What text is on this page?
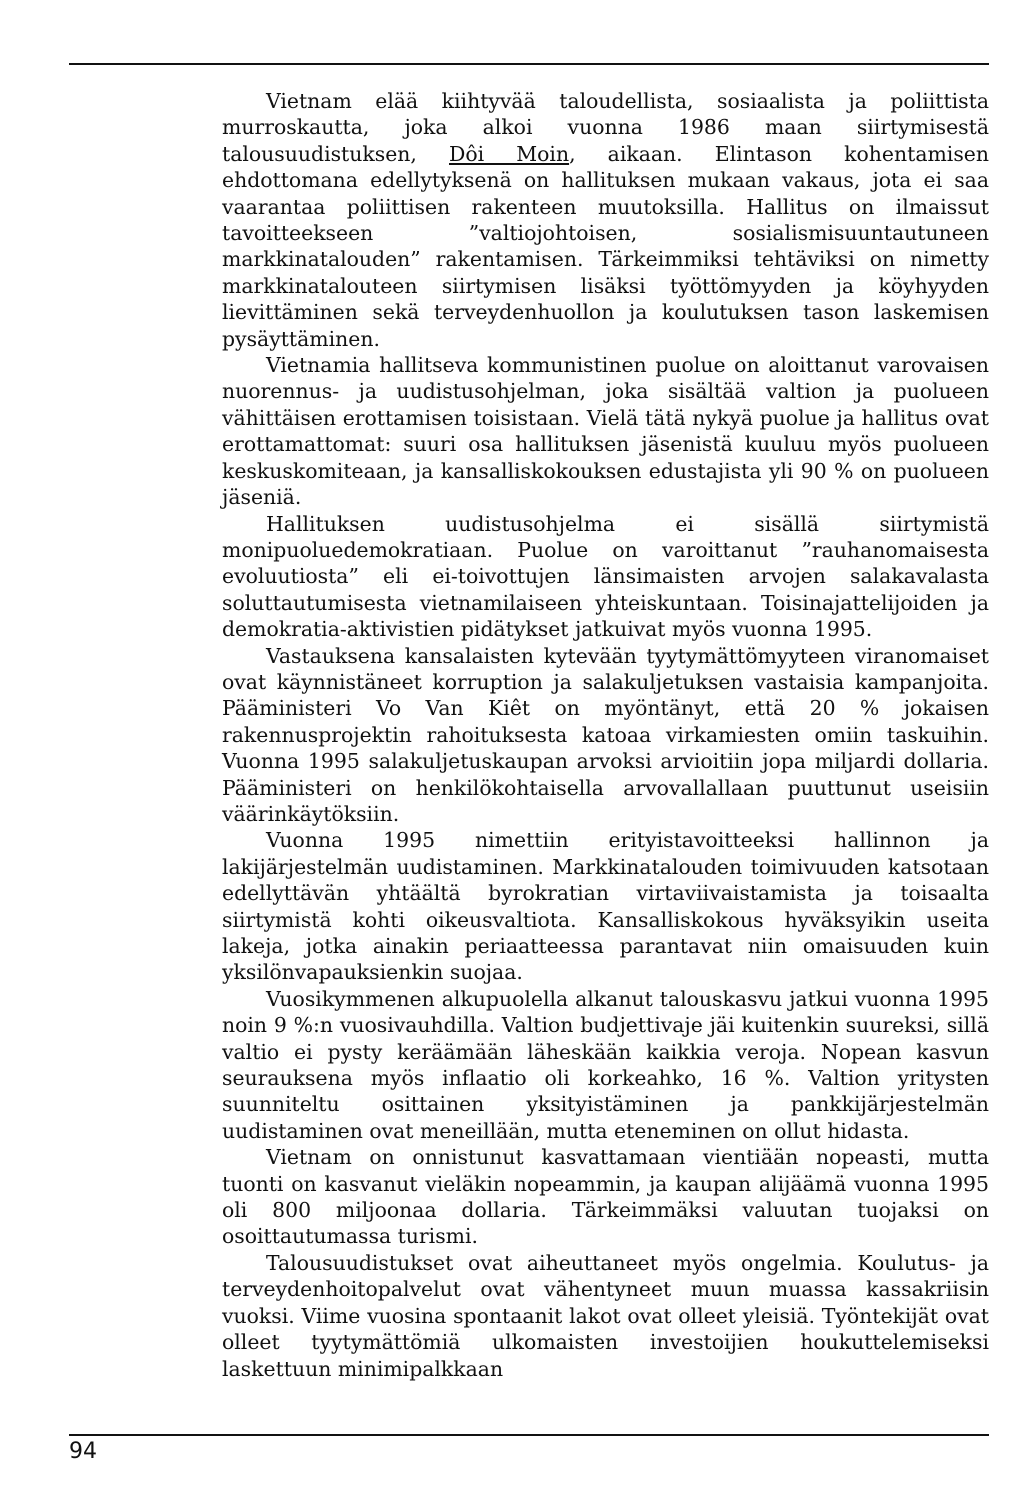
Vietnam elää kiihtyvää taloudellista, sosiaalista ja poliittista murroskautta, joka alkoi vuonna 1986 maan siirtymisestä talousuudistuksen, Dôi Moin, aikaan. Elintason kohentamisen ehdottomana edellytyksenä on hallituksen mukaan vakaus, jota ei saa vaarantaa poliittisen rakenteen muutoksilla. Hallitus on ilmaissut tavoitteekseen ”valtiojohtoisen, sosialismisuuntautuneen markkinatalouden” rakentamisen. Tärkeimmiksi tehtäviksi on nimetty markkinatalouteen siirtymisen lisäksi työttömyyden ja köyhyyden lievittäminen sekä terveydenhuollon ja koulutuksen tason laskemisen pysäyttäminen.

Vietnamia hallitseva kommunistinen puolue on aloittanut varovaisen nuorennus- ja uudistusohjelman, joka sisältää valtion ja puolueen vähittäisen erottamisen toisistaan. Vielä tätä nykyä puolue ja hallitus ovat erottamattomat: suuri osa hallituksen jäsenistä kuuluu myös puolueen keskuskomiteaan, ja kansalliskokouksen edustajista yli 90 % on puolueen jäseniä.

Hallituksen uudistusohjelma ei sisällä siirtymistä monipuoluedemokratiaan. Puolue on varoittanut ”rauhanomaisesta evoluutiosta” eli ei-toivottujen länsimaisten arvojen salakavalasta soluttautumisesta vietnamilaiseen yhteiskuntaan. Toisinajattelijoiden ja demokratia-aktivistien pidätykset jatkuivat myös vuonna 1995.

Vastauksena kansalaisten kytevään tyytymättömyyteen viranomaiset ovat käynnistäneet korruption ja salakuljetuksen vastaisia kampanjoita. Pääministeri Vo Van Kiêt on myöntänyt, että 20 % jokaisen rakennusprojektin rahoituksesta katoaa virkamiesten omiin taskuihin. Vuonna 1995 salakuljetuskaupan arvoksi arvioitiin jopa miljardi dollaria. Pääministeri on henkilökohtaisella arvovallallaan puuttunut useisiin väärinkäytöksiin.

Vuonna 1995 nimettiin erityistavoitteeksi hallinnon ja lakijärjestelmän uudistaminen. Markkinatalouden toimivuuden katsotaan edellyttävän yhtäältä byrokratian virtaviivaistamista ja toisaalta siirtymistä kohti oikeusvaltiota. Kansalliskokous hyväksyikin useita lakeja, jotka ainakin periaatteessa parantavat niin omaisuuden kuin yksilönvapauksienkin suojaa.

Vuosikymmenen alkupuolella alkanut talouskasvu jatkui vuonna 1995 noin 9 %:n vuosivauhdilla. Valtion budjettivaje jäi kuitenkin suureksi, sillä valtio ei pysty keräämään läheskään kaikkia veroja. Nopean kasvun seurauksena myös inflaatio oli korkeahko, 16 %. Valtion yritysten suunniteltu osittainen yksityistäminen ja pankkijärjestelmän uudistaminen ovat meneillään, mutta eteneminen on ollut hidasta.

Vietnam on onnistunut kasvattamaan vientiään nopeasti, mutta tuonti on kasvanut vieläkin nopeammin, ja kaupan alijäämä vuonna 1995 oli 800 miljoonaa dollaria. Tärkeimmäksi valuutan tuojaksi on osoittautumassa turismi.

Talousuudistukset ovat aiheuttaneet myös ongelmia. Koulutus- ja terveydenhoitopalvelut ovat vähentyneet muun muassa kassakriisin vuoksi. Viime vuosina spontaanit lakot ovat olleet yleisiä. Työntekijät ovat olleet tyytymättömiä ulkomaisten investoijien houkuttelemiseksi laskettuun minimipalkkaan

94
